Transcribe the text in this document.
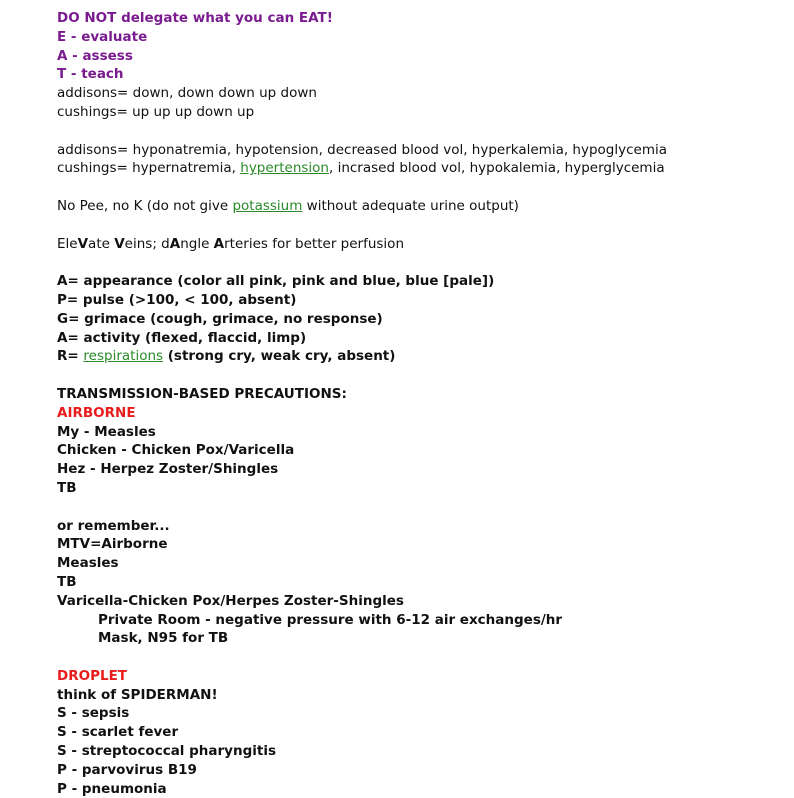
DO NOT delegate what you can EAT!
E - evaluate
A - assess
T - teach
addisons= down, down down up down
cushings= up up up down up
addisons= hyponatremia, hypotension, decreased blood vol, hyperkalemia, hypoglycemia
cushings= hypernatremia, hypertension, incrased blood vol, hypokalemia, hyperglycemia
No Pee, no K (do not give potassium without adequate urine output)
EleVate Veins; dAngle Arteries for better perfusion
A= appearance (color all pink, pink and blue, blue [pale])
P= pulse (>100, < 100, absent)
G= grimace (cough, grimace, no response)
A= activity (flexed, flaccid, limp)
R= respirations (strong cry, weak cry, absent)
TRANSMISSION-BASED PRECAUTIONS:
AIRBORNE
My - Measles
Chicken - Chicken Pox/Varicella
Hez - Herpez Zoster/Shingles
TB
or remember...
MTV=Airborne
Measles
TB
Varicella-Chicken Pox/Herpes Zoster-Shingles
Private Room - negative pressure with 6-12 air exchanges/hr
Mask, N95 for TB
DROPLET
think of SPIDERMAN!
S - sepsis
S - scarlet fever
S - streptococcal pharyngitis
P - parvovirus B19
P - pneumonia
